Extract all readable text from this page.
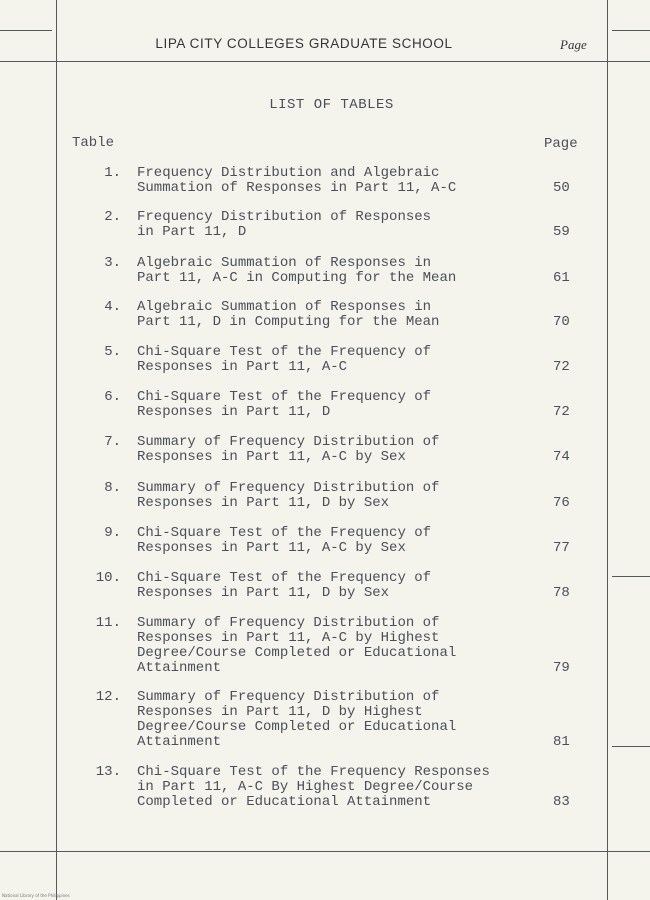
LIPA CITY COLLEGES GRADUATE SCHOOL	Page
LIST OF TABLES
Table	Page
1. Frequency Distribution and Algebraic
Summation of Responses in Part 11, A-C	50
2. Frequency Distribution of Responses
in Part 11, D	59
3. Algebraic Summation of Responses in
Part 11, A-C in Computing for the Mean	61
4. Algebraic Summation of Responses in
Part 11, D in Computing for the Mean	70
5. Chi-Square Test of the Frequency of
Responses in Part 11, A-C	72
6. Chi-Square Test of the Frequency of
Responses in Part 11, D	72
7. Summary of Frequency Distribution of
Responses in Part 11, A-C by Sex	74
8. Summary of Frequency Distribution of
Responses in Part 11, D by Sex	76
9. Chi-Square Test of the Frequency of
Responses in Part 11, A-C by Sex	77
10. Chi-Square Test of the Frequency of
Responses in Part 11, D by Sex	78
11. Summary of Frequency Distribution of
Responses in Part 11, A-C by Highest
Degree/Course Completed or Educational
Attainment	79
12. Summary of Frequency Distribution of
Responses in Part 11, D by Highest
Degree/Course Completed or Educational
Attainment	81
13. Chi-Square Test of the Frequency Responses
in Part 11, A-C By Highest Degree/Course
Completed or Educational Attainment	83
National Library of the Philippines
